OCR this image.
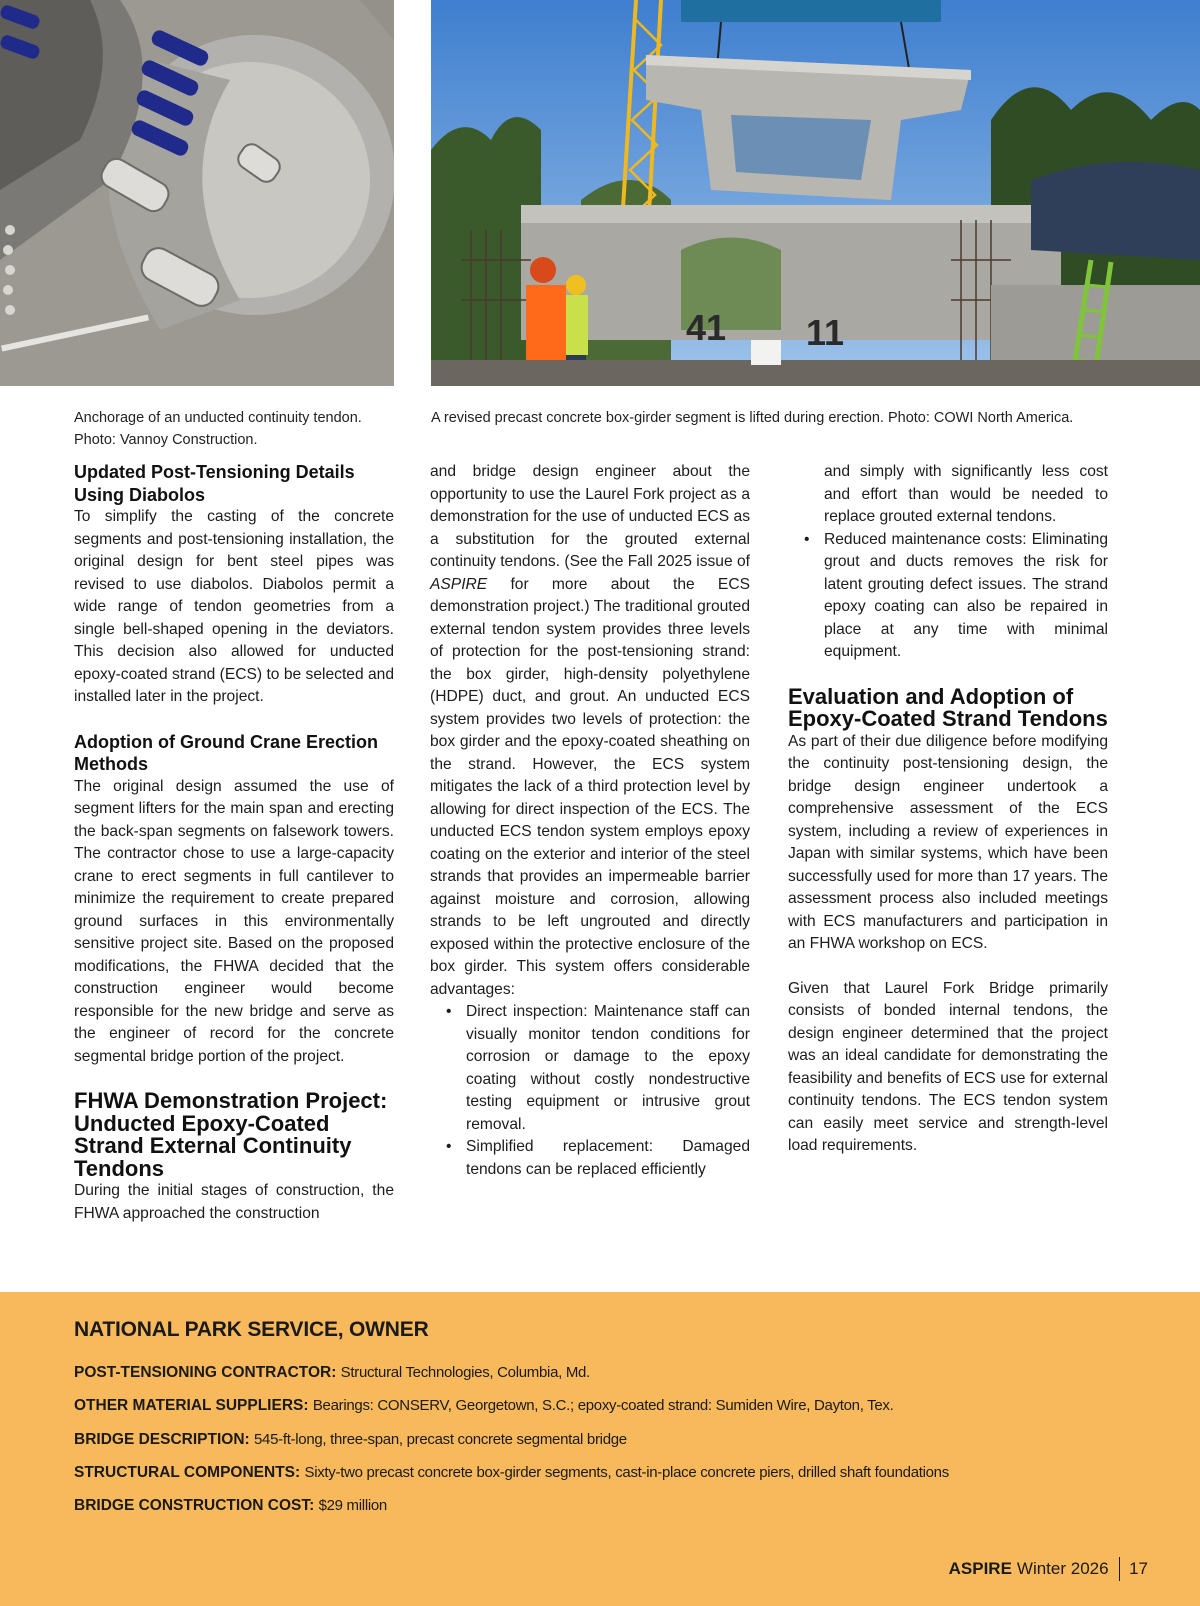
41 11
Anchorage of an unducted continuity tendon. Photo: Vannoy Construction.
A revised precast concrete box-girder segment is lifted during erection. Photo: COWI North America.
Updated Post-Tensioning Details Using Diabolos

To simplify the casting of the concrete segments and post-tensioning installation, the original design for bent steel pipes was revised to use diabolos. Diabolos permit a wide range of tendon geometries from a single bell-shaped opening in the deviators. This decision also allowed for unducted epoxy-coated strand (ECS) to be selected and installed later in the project.

Adoption of Ground Crane Erection Methods

The original design assumed the use of segment lifters for the main span and erecting the back-span segments on falsework towers. The contractor chose to use a large-capacity crane to erect segments in full cantilever to minimize the requirement to create prepared ground surfaces in this environmentally sensitive project site. Based on the proposed modifications, the FHWA decided that the construction engineer would become responsible for the new bridge and serve as the engineer of record for the concrete segmental bridge portion of the project.

FHWA Demonstration Project: Unducted Epoxy-Coated Strand External Continuity Tendons

During the initial stages of construction, the FHWA approached the construction

and bridge design engineer about the opportunity to use the Laurel Fork project as a demonstration for the use of unducted ECS as a substitution for the grouted external continuity tendons. (See the Fall 2025 issue of ASPIRE for more about the ECS demonstration project.) The traditional grouted external tendon system provides three levels of protection for the post-tensioning strand: the box girder, high-density polyethylene (HDPE) duct, and grout. An unducted ECS system provides two levels of protection: the box girder and the epoxy-coated sheathing on the strand. However, the ECS system mitigates the lack of a third protection level by allowing for direct inspection of the ECS. The unducted ECS tendon system employs epoxy coating on the exterior and interior of the steel strands that provides an impermeable barrier against moisture and corrosion, allowing strands to be left ungrouted and directly exposed within the protective enclosure of the box girder. This system offers considerable advantages:

• Direct inspection: Maintenance staff can visually monitor tendon conditions for corrosion or damage to the epoxy coating without costly nondestructive testing equipment or intrusive grout removal.
• Simplified replacement: Damaged tendons can be replaced efficiently

and simply with significantly less cost and effort than would be needed to replace grouted external tendons.

• Reduced maintenance costs: Eliminating grout and ducts removes the risk for latent grouting defect issues. The strand epoxy coating can also be repaired in place at any time with minimal equipment.
Evaluation and Adoption of Epoxy-Coated Strand Tendons

As part of their due diligence before modifying the continuity post-tensioning design, the bridge design engineer undertook a comprehensive assessment of the ECS system, including a review of experiences in Japan with similar systems, which have been successfully used for more than 17 years. The assessment process also included meetings with ECS manufacturers and participation in an FHWA workshop on ECS.

Given that Laurel Fork Bridge primarily consists of bonded internal tendons, the design engineer determined that the project was an ideal candidate for demonstrating the feasibility and benefits of ECS use for external continuity tendons. The ECS tendon system can easily meet service and strength-level load requirements.

NATIONAL PARK SERVICE, OWNER
POST-TENSIONING CONTRACTOR: Structural Technologies, Columbia, Md.
OTHER MATERIAL SUPPLIERS: Bearings: CONSERV, Georgetown, S.C.; epoxy-coated strand: Sumiden Wire, Dayton, Tex.
BRIDGE DESCRIPTION: 545-ft-long, three-span, precast concrete segmental bridge
STRUCTURAL COMPONENTS: Sixty-two precast concrete box-girder segments, cast-in-place concrete piers, drilled shaft foundations
BRIDGE CONSTRUCTION COST: $29 million
ASPIRE Winter 2026 17
